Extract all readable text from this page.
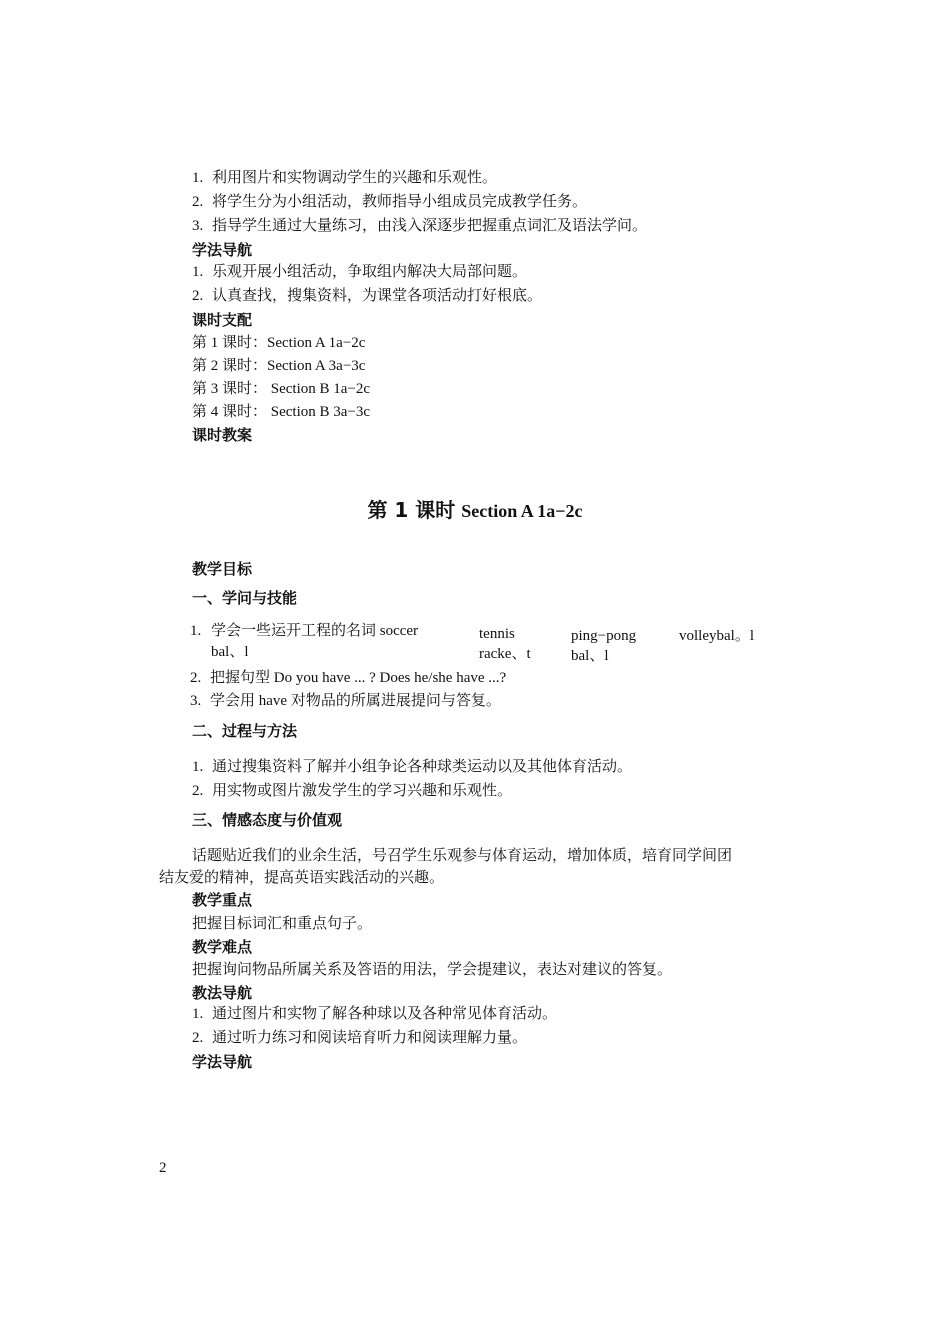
1. 利用图片和实物调动学生的兴趣和乐观性。
2. 将学生分为小组活动，教师指导小组成员完成教学任务。
3. 指导学生通过大量练习，由浅入深逐步把握重点词汇及语法学问。
学法导航
1. 乐观开展小组活动，争取组内解决大局部问题。
2. 认真查找，搜集资料，为课堂各项活动打好根底。
课时支配
第 1 课时：Section A 1a−2c
第 2 课时：Section A 3a−3c
第 3 课时： Section B 1a−2c
第 4 课时： Section B 3a−3c
课时教案
第 1 课时 Section A 1a−2c
教学目标
一、学问与技能
1. 学会一些运开工程的名词 soccer
bal、l
tennis
racke、t
ping−pong
bal、l
volleybal。l
2. 把握句型 Do you have ... ? Does he/she have ...?
3. 学会用 have 对物品的所属进展提问与答复。
二、过程与方法
1. 通过搜集资料了解并小组争论各种球类运动以及其他体育活动。
2. 用实物或图片激发学生的学习兴趣和乐观性。
三、情感态度与价值观
话题贴近我们的业余生活，号召学生乐观参与体育运动，增加体质，培育同学间团
结友爱的精神，提高英语实践活动的兴趣。
教学重点
把握目标词汇和重点句子。
教学难点
把握询问物品所属关系及答语的用法，学会提建议，表达对建议的答复。
教法导航
1. 通过图片和实物了解各种球以及各种常见体育活动。
2. 通过听力练习和阅读培育听力和阅读理解力量。
学法导航
2
